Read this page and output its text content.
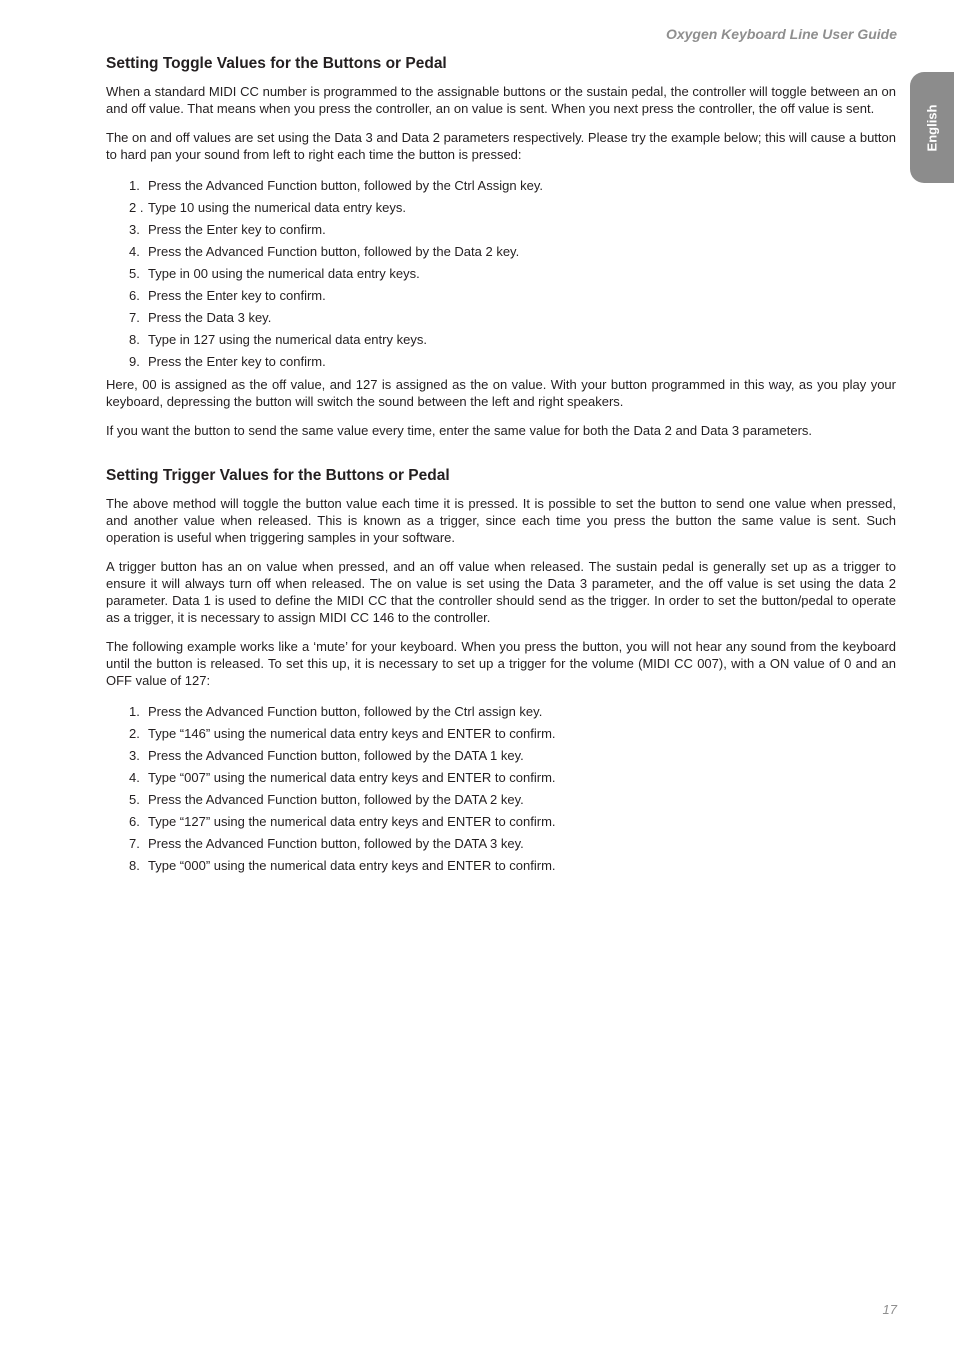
Oxygen Keyboard Line User Guide
English
Setting Toggle Values for the Buttons or Pedal

When a standard MIDI CC number is programmed to the assignable buttons or the sustain pedal, the controller will toggle between an on and off value. That means when you press the controller, an on value is sent. When you next press the controller, the off value is sent.

The on and off values are set using the Data 3 and Data 2 parameters respectively. Please try the example below; this will cause a button to hard pan your sound from left to right each time the button is pressed:

1. Press the Advanced Function button, followed by the Ctrl Assign key.
2 . Type 10 using the numerical data entry keys.
3. Press the Enter key to confirm.
4. Press the Advanced Function button, followed by the Data 2 key.
5. Type in 00 using the numerical data entry keys.
6. Press the Enter key to confirm.
7. Press the Data 3 key.
8. Type in 127 using the numerical data entry keys.
9. Press the Enter key to confirm.

Here, 00 is assigned as the off value, and 127 is assigned as the on value. With your button programmed in this way, as you play your keyboard, depressing the button will switch the sound between the left and right speakers.

If you want the button to send the same value every time, enter the same value for both the Data 2 and Data 3 parameters.

Setting Trigger Values for the Buttons or Pedal

The above method will toggle the button value each time it is pressed. It is possible to set the button to send one value when pressed, and another value when released. This is known as a trigger, since each time you press the button the same value is sent. Such operation is useful when triggering samples in your software.

A trigger button has an on value when pressed, and an off value when released. The sustain pedal is generally set up as a trigger to ensure it will always turn off when released. The on value is set using the Data 3 parameter, and the off value is set using the data 2 parameter. Data 1 is used to define the MIDI CC that the controller should send as the trigger. In order to set the button/pedal to operate as a trigger, it is necessary to assign MIDI CC 146 to the controller.

The following example works like a ‘mute’ for your keyboard. When you press the button, you will not hear any sound from the keyboard until the button is released. To set this up, it is necessary to set up a trigger for the volume (MIDI CC 007), with a ON value of 0 and an OFF value of 127:

1. Press the Advanced Function button, followed by the Ctrl assign key.
2. Type “146” using the numerical data entry keys and ENTER to confirm.
3. Press the Advanced Function button, followed by the DATA 1 key.
4. Type “007” using the numerical data entry keys and ENTER to confirm.
5. Press the Advanced Function button, followed by the DATA 2 key.
6. Type “127” using the numerical data entry keys and ENTER to confirm.
7. Press the Advanced Function button, followed by the DATA 3 key.
8. Type “000” using the numerical data entry keys and ENTER to confirm.
17
